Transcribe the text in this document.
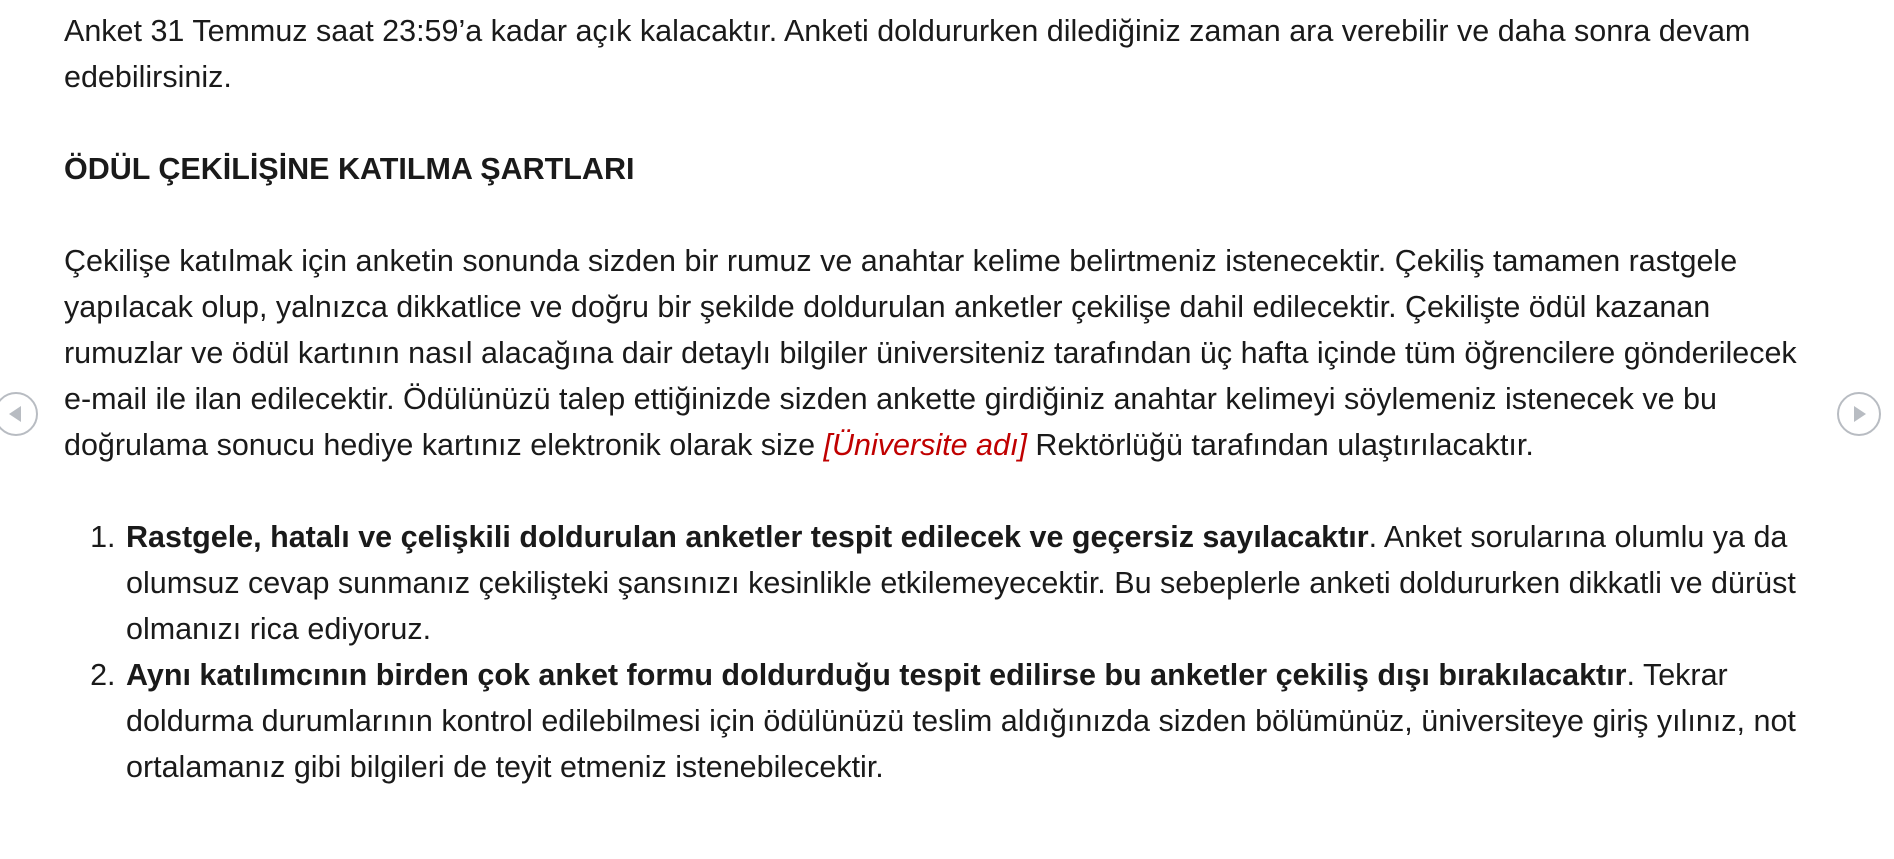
Anket 31 Temmuz saat 23:59’a kadar açık kalacaktır. Anketi doldururken dilediğiniz zaman ara verebilir ve daha sonra devam edebilirsiniz.

ÖDÜL ÇEKİLİŞİNE KATILMA ŞARTLARI

Çekilişe katılmak için anketin sonunda sizden bir rumuz ve anahtar kelime belirtmeniz istenecektir. Çekiliş tamamen rastgele yapılacak olup, yalnızca dikkatlice ve doğru bir şekilde doldurulan anketler çekilişe dahil edilecektir. Çekilişte ödül kazanan rumuzlar ve ödül kartının nasıl alacağına dair detaylı bilgiler üniversiteniz tarafından üç hafta içinde tüm öğrencilere gönderilecek e-mail ile ilan edilecektir. Ödülünüzü talep ettiğinizde sizden ankette girdiğiniz anahtar kelimeyi söylemeniz istenecek ve bu doğrulama sonucu hediye kartınız elektronik olarak size [Üniversite adı] Rektörlüğü tarafından ulaştırılacaktır.

1. Rastgele, hatalı ve çelişkili doldurulan anketler tespit edilecek ve geçersiz sayılacaktır. Anket sorularına olumlu ya da olumsuz cevap sunmanız çekilişteki şansınızı kesinlikle etkilemeyecektir. Bu sebeplerle anketi doldururken dikkatli ve dürüst olmanızı rica ediyoruz.
2. Aynı katılımcının birden çok anket formu doldurduğu tespit edilirse bu anketler çekiliş dışı bırakılacaktır. Tekrar doldurma durumlarının kontrol edilebilmesi için ödülünüzü teslim aldığınızda sizden bölümünüz, üniversiteye giriş yılınız, not ortalamanız gibi bilgileri de teyit etmeniz istenebilecektir.
